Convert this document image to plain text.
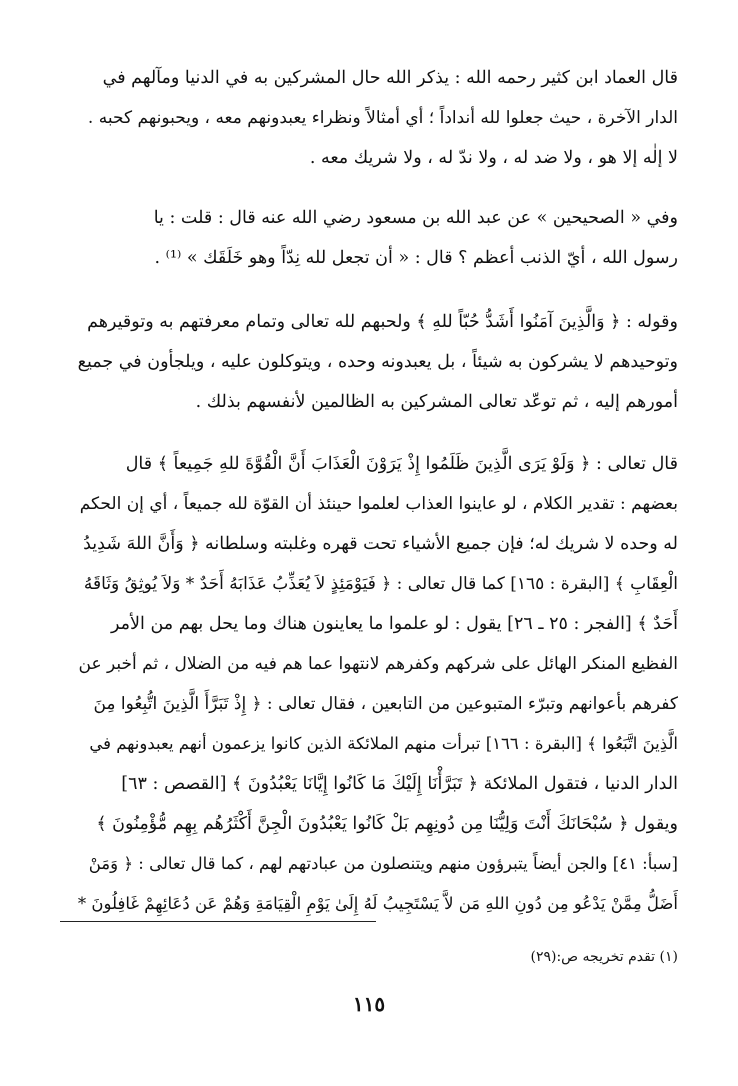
قال العماد ابن كثير رحمه الله : يذكر الله حال المشركين به في الدنيا ومآلهم في
الدار الآخرة ، حيث جعلوا لله أنداداً ؛ أي أمثالاً ونظراء يعبدونهم معه ، ويحبونهم كحبه .
لا إلٰه إلا هو ، ولا ضد له ، ولا ندّ له ، ولا شريك معه .
وفي « الصحيحين » عن عبد الله بن مسعود رضي الله عنه قال : قلت : يا
رسول الله ، أيّ الذنب أعظم ؟ قال : « أن تجعل لله نِدّاً وهو خَلَقَك » ⁽¹⁾ .
وقوله : ﴿ وَالَّذِينَ آمَنُوا أَشَدُّ حُبّاً للهِ ﴾ ولحبهم لله تعالى وتمام معرفتهم به وتوقيرهم
وتوحيدهم لا يشركون به شيئاً ، بل يعبدونه وحده ، ويتوكلون عليه ، ويلجأون في جميع
أمورهم إليه ، ثم توعّد تعالى المشركين به الظالمين لأنفسهم بذلك .
قال تعالى : ﴿ وَلَوْ يَرَى الَّذِينَ ظَلَمُوا إِذْ يَرَوْنَ الْعَذَابَ أَنَّ الْقُوَّةَ للهِ جَمِيعاً ﴾ قال
بعضهم : تقدير الكلام ، لو عاينوا العذاب لعلموا حينئذ أن القوّة لله جميعاً ، أي إن الحكم
له وحده لا شريك له؛ فإن جميع الأشياء تحت قهره وغلبته وسلطانه ﴿ وَأَنَّ اللهَ شَدِيدُ
الْعِقَابِ ﴾ [البقرة : ١٦٥] كما قال تعالى : ﴿ فَيَوْمَئِذٍ لاَ يُعَذِّبُ عَذَابَهُ أَحَدٌ * وَلاَ يُوثِقُ وَثَاقَهُ
أَحَدٌ ﴾ [الفجر : ٢٥ ـ ٢٦] يقول : لو علموا ما يعاينون هناك وما يحل بهم من الأمر
الفظيع المنكر الهائل على شركهم وكفرهم لانتهوا عما هم فيه من الضلال ، ثم أخبر عن
كفرهم بأعوانهم وتبرّء المتبوعين من التابعين ، فقال تعالى : ﴿ إِذْ تَبَرَّأَ الَّذِينَ اتُّبِعُوا مِنَ
الَّذِينَ اتَّبَعُوا ﴾ [البقرة : ١٦٦] تبرأت منهم الملائكة الذين كانوا يزعمون أنهم يعبدونهم في
الدار الدنيا ، فتقول الملائكة ﴿ تَبَرَّأْنَا إِلَيْكَ مَا كَانُوا إِيَّانَا يَعْبُدُونَ ﴾ [القصص : ٦٣]
ويقول ﴿ سُبْحَانَكَ أَنْتَ وَلِيُّنَا مِن دُونِهِم بَلْ كَانُوا يَعْبُدُونَ الْجِنَّ أَكْثَرُهُم بِهِم مُّؤْمِنُونَ ﴾
[سبأ: ٤١] والجن أيضاً يتبرؤون منهم ويتنصلون من عبادتهم لهم ، كما قال تعالى : ﴿ وَمَنْ
أَضَلُّ مِمَّنْ يَدْعُو مِن دُونِ اللهِ مَن لاَّ يَسْتَجِيبُ لَهُ إِلَىٰ يَوْمِ الْقِيَامَةِ وَهُمْ عَن دُعَائِهِمْ غَافِلُونَ *
(١) تقدم تخريجه ص:(٢٩)
١١٥
